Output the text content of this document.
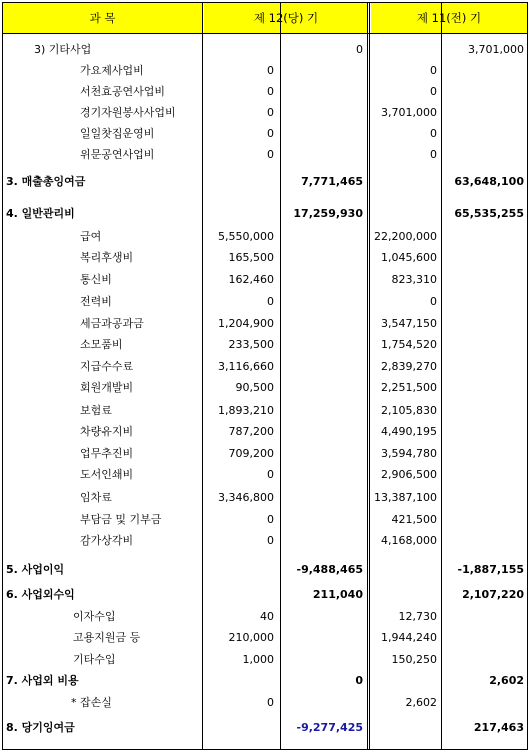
과 목	제 12(당) 기	제 11(전) 기
3) 기타사업	0	3,701,000
가요제사업비	0	0
서천효공연사업비	0	0
경기자원봉사사업비	0	3,701,000
일일찻집운영비	0	0
위문공연사업비	0	0
3. 매출총잉여금	7,771,465	63,648,100
4. 일반관리비	17,259,930	65,535,255
급여	5,550,000	22,200,000
복리후생비	165,500	1,045,600
통신비	162,460	823,310
전력비	0	0
세금과공과금	1,204,900	3,547,150
소모품비	233,500	1,754,520
지급수수료	3,116,660	2,839,270
회원개발비	90,500	2,251,500
보험료	1,893,210	2,105,830
차량유지비	787,200	4,490,195
업무추진비	709,200	3,594,780
도서인쇄비	0	2,906,500
임차료	3,346,800	13,387,100
부담금 및 기부금	0	421,500
감가상각비	0	4,168,000
5. 사업이익	-9,488,465	-1,887,155
6. 사업외수익	211,040	2,107,220
이자수입	40	12,730
고용지원금 등	210,000	1,944,240
기타수입	1,000	150,250
7. 사업외 비용	0	2,602
* 잡손실	0	2,602
8. 당기잉여금	-9,277,425	217,463
